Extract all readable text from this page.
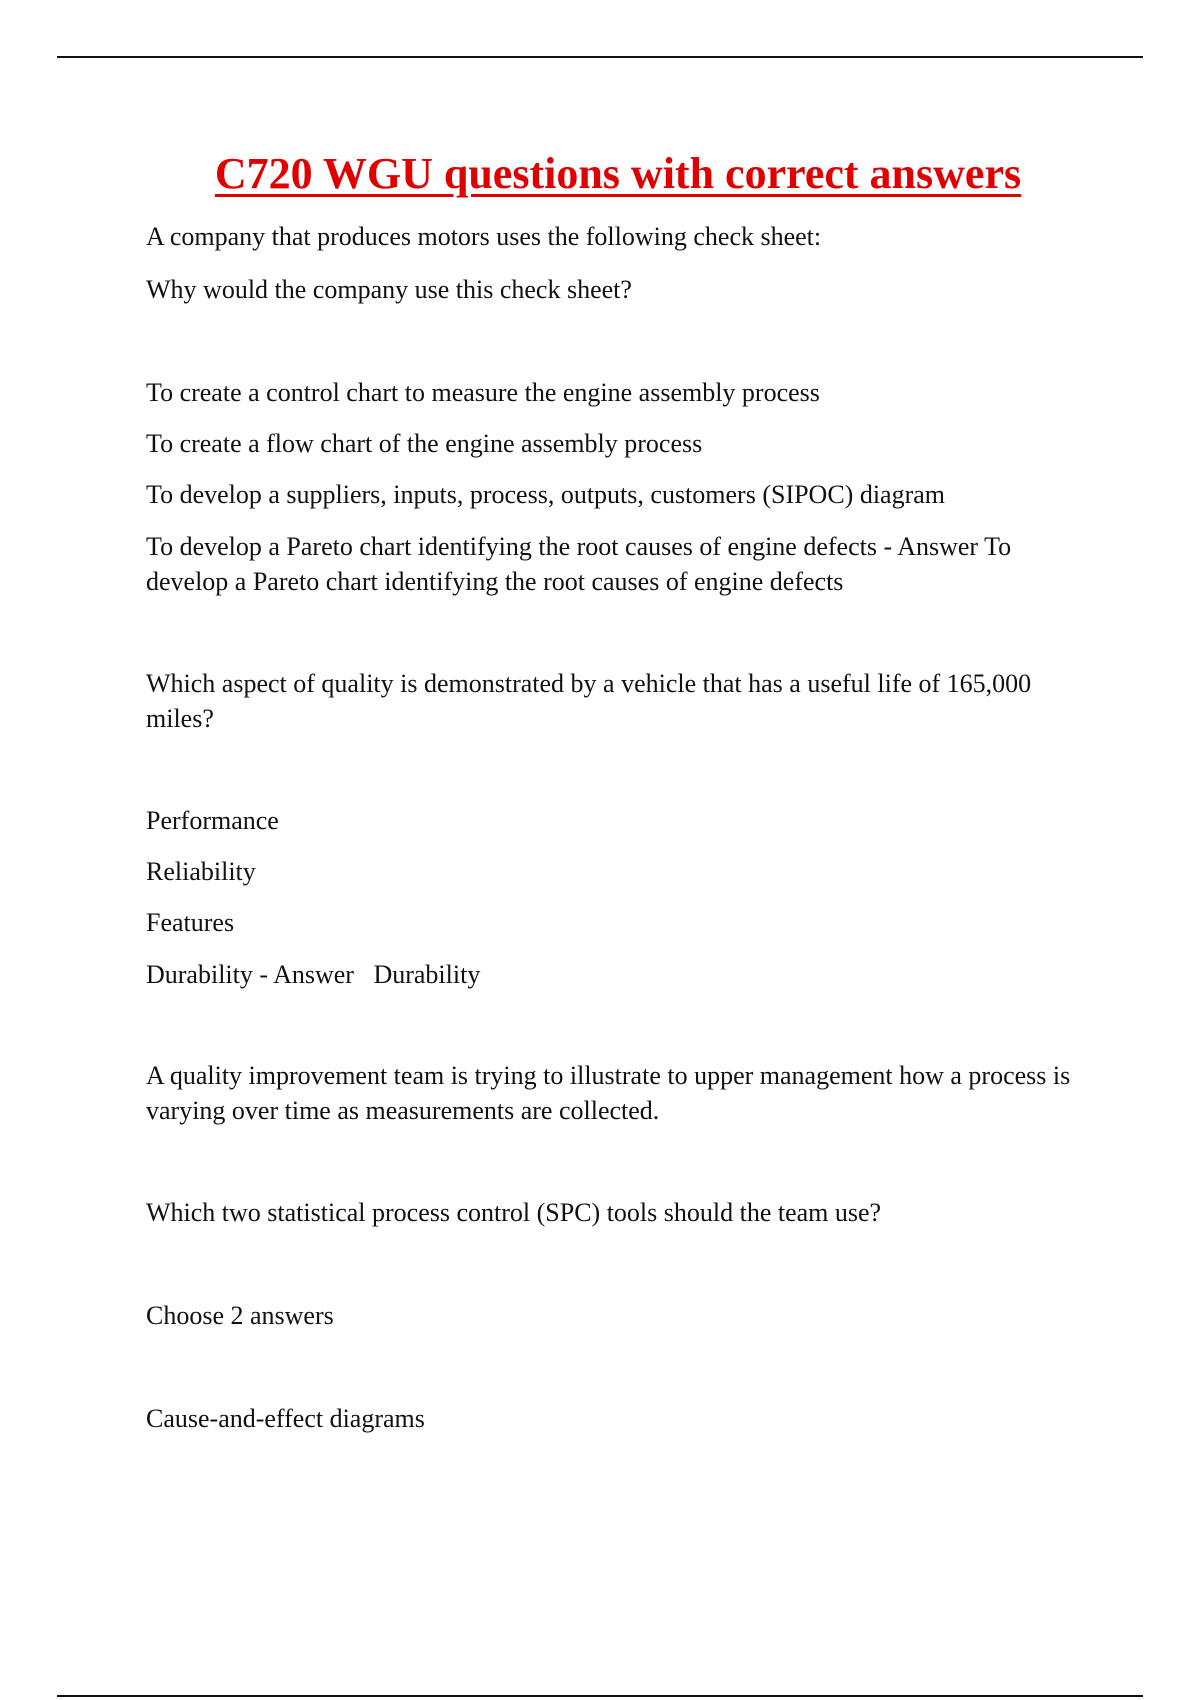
C720 WGU questions with correct answers

A company that produces motors uses the following check sheet:

Why would the company use this check sheet?

To create a control chart to measure the engine assembly process

To create a flow chart of the engine assembly process

To develop a suppliers, inputs, process, outputs, customers (SIPOC) diagram

To develop a Pareto chart identifying the root causes of engine defects - Answer To develop a Pareto chart identifying the root causes of engine defects

Which aspect of quality is demonstrated by a vehicle that has a useful life of 165,000 miles?

Performance

Reliability

Features

Durability - Answer   Durability

A quality improvement team is trying to illustrate to upper management how a process is varying over time as measurements are collected.

Which two statistical process control (SPC) tools should the team use?

Choose 2 answers

Cause-and-effect diagrams
